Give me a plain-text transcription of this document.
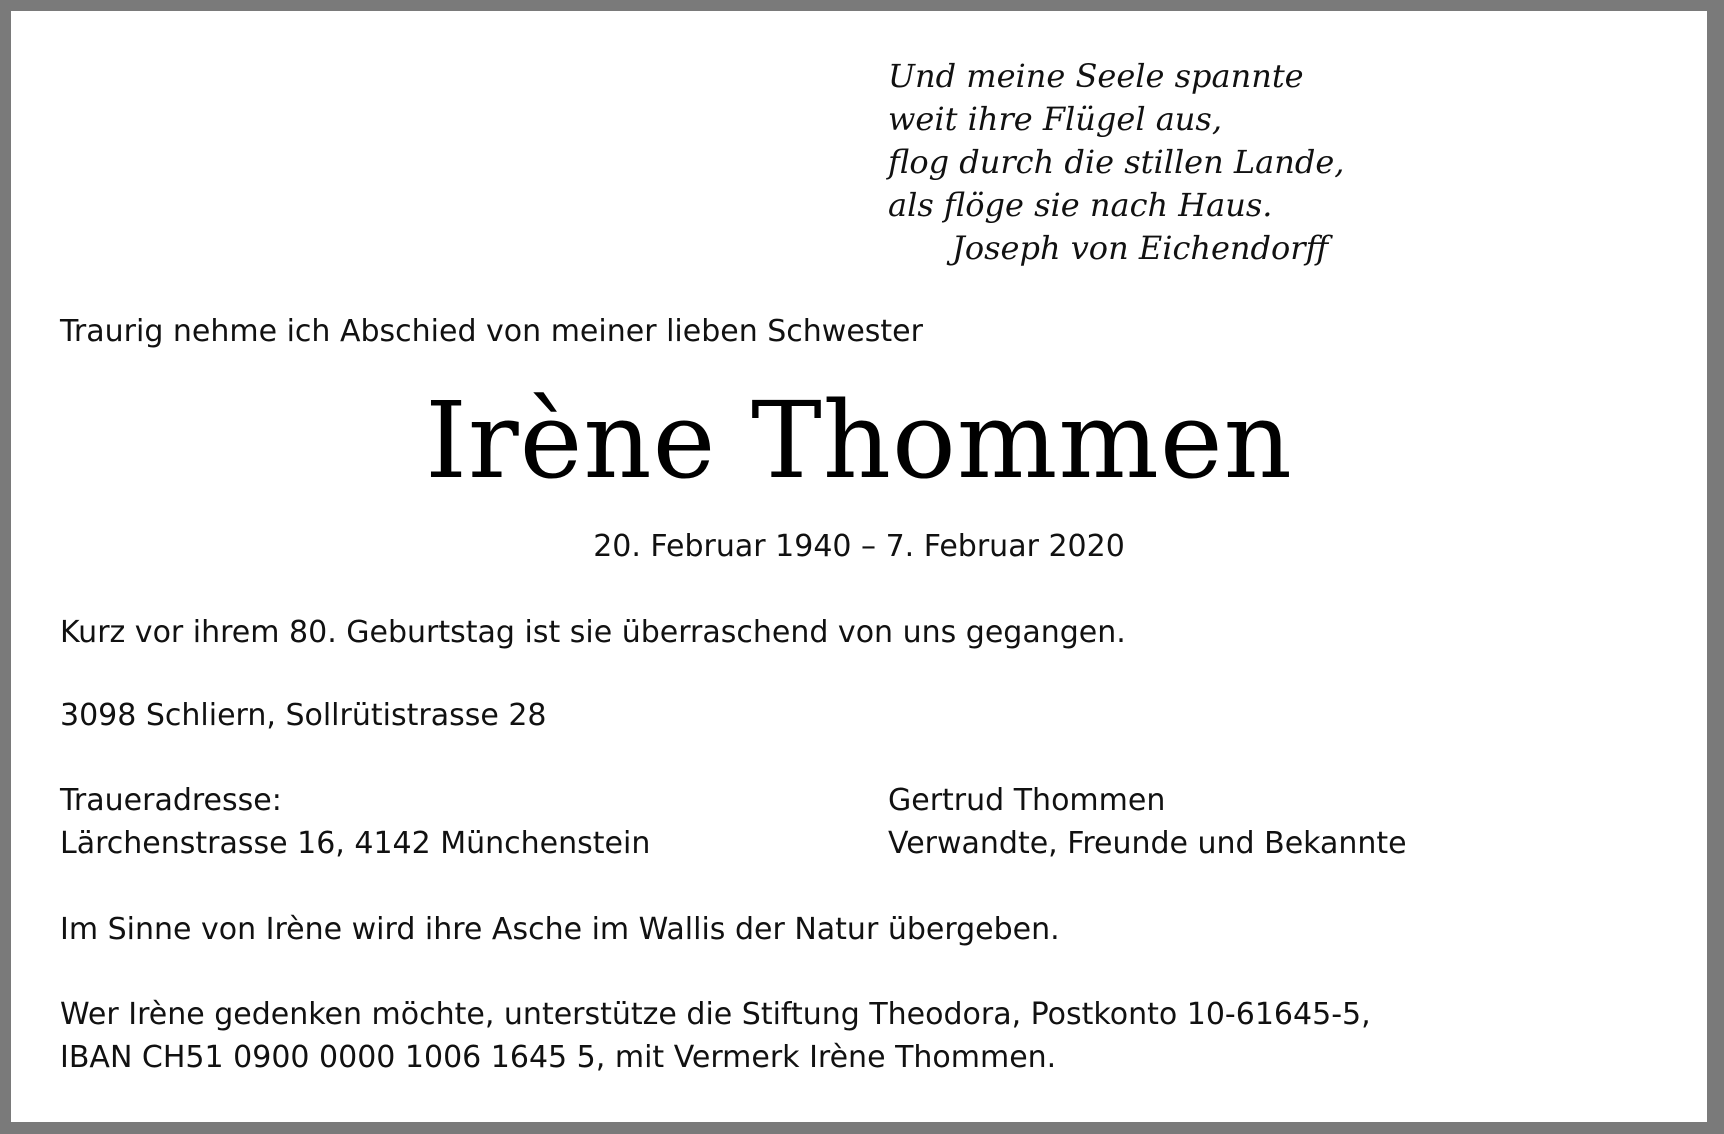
Und meine Seele spannte
weit ihre Flügel aus,
flog durch die stillen Lande,
als flöge sie nach Haus.
Joseph von Eichendorff
Traurig nehme ich Abschied von meiner lieben Schwester
Irène Thommen
20. Februar 1940 – 7. Februar 2020
Kurz vor ihrem 80. Geburtstag ist sie überraschend von uns gegangen.
3098 Schliern, Sollrütistrasse 28
Traueradresse:
Lärchenstrasse 16, 4142 Münchenstein
Gertrud Thommen
Verwandte, Freunde und Bekannte
Im Sinne von Irène wird ihre Asche im Wallis der Natur übergeben.
Wer Irène gedenken möchte, unterstütze die Stiftung Theodora, Postkonto 10-61645-5,
IBAN CH51 0900 0000 1006 1645 5, mit Vermerk Irène Thommen.
